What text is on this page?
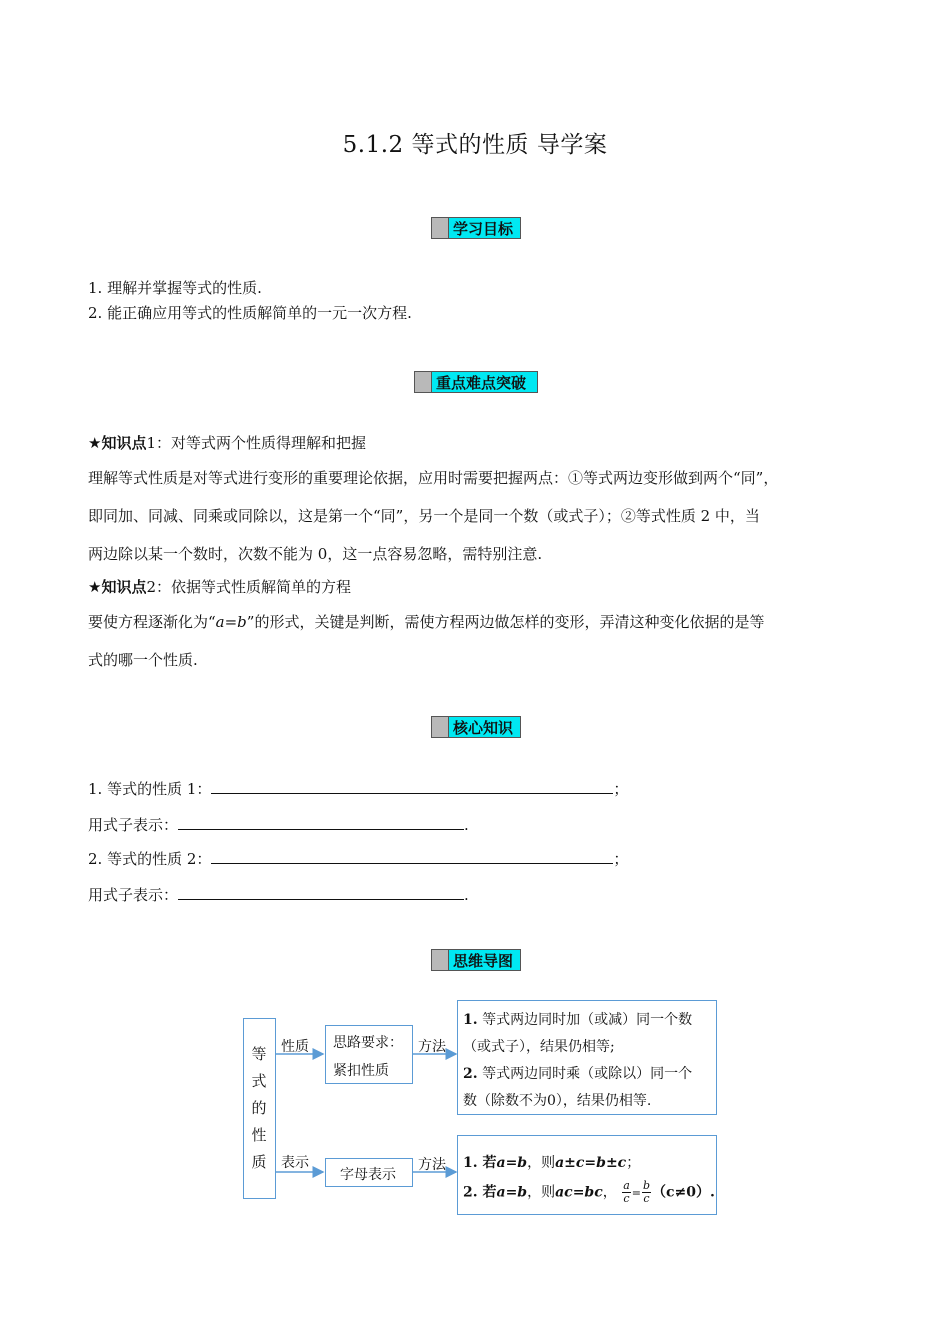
5.1.2 等式的性质 导学案
学习目标
1. 理解并掌握等式的性质.
2. 能正确应用等式的性质解简单的一元一次方程.
重点难点突破
★知识点1：对等式两个性质得理解和把握
理解等式性质是对等式进行变形的重要理论依据，应用时需要把握两点：①等式两边变形做到两个“同”，
即同加、同减、同乘或同除以，这是第一个“同”，另一个是同一个数（或式子）；②等式性质 2 中，当
两边除以某一个数时，次数不能为 0，这一点容易忽略，需特别注意.
★知识点2：依据等式性质解简单的方程
要使方程逐渐化为“a=b”的形式，关键是判断，需使方程两边做怎样的变形，弄清这种变化依据的是等
式的哪一个性质.
核心知识
1. 等式的性质 1：	；
用式子表示：	.
2. 等式的性质 2：	；
用式子表示：	.
思维导图
等
式
的
性
质
性质 思路要求：
紧扣性质
方法
1. 等式两边同时加（或减）同一个数
（或式子），结果仍相等;
2. 等式两边同时乘（或除以）同一个
数（除数不为0），结果仍相等.
表示
字母表示
方法 1. 若a=b，则a±c=b±c；
2. 若a=b，则ac=bc， $\frac{a}{c} = \frac{b}{c} (c\ne 0)$.
